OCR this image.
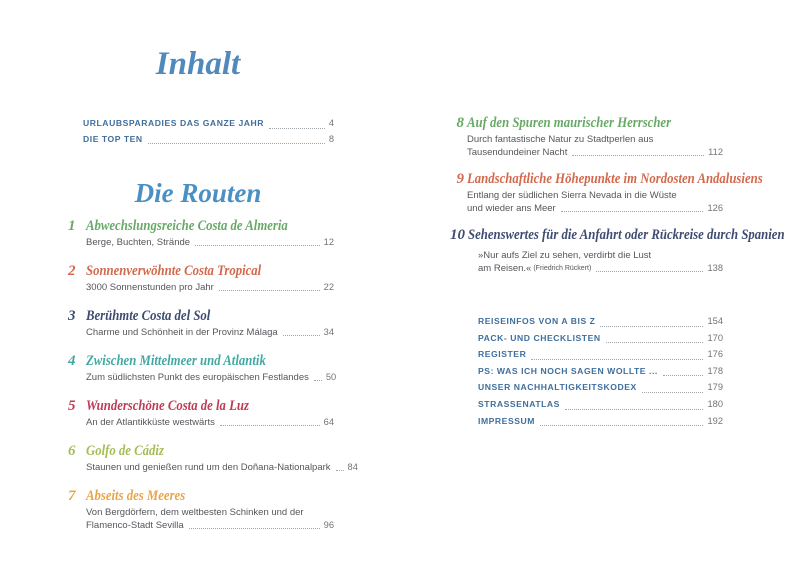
Inhalt
URLAUBSPARADIES DAS GANZE JAHR	4
DIE TOP TEN	8
Die Routen
1 Abwechslungsreiche Costa de Almeria
Berge, Buchten, Strände	12
2 Sonnenverwöhnte Costa Tropical
3000 Sonnenstunden pro Jahr	22
3 Berühmte Costa del Sol
Charme und Schönheit in der Provinz Málaga	34
4 Zwischen Mittelmeer und Atlantik
Zum südlichsten Punkt des europäischen Festlandes 50
5 Wunderschöne Costa de la Luz
An der Atlantikküste westwärts	64
6 Golfo de Cádiz
Staunen und genießen rund um den Doñana-Nationalpark 84
7 Abseits des Meeres
Von Bergdörfern, dem weltbesten Schinken und der
Flamenco-Stadt Sevilla	96
8 Auf den Spuren maurischer Herrscher
Durch fantastische Natur zu Stadtperlen aus
Tausendundeiner Nacht	112
9 Landschaftliche Höhepunkte im Nordosten Andalusiens
Entlang der südlichen Sierra Nevada in die Wüste
und wieder ans Meer	126
10 Sehenswertes für die Anfahrt oder Rückreise durch Spanien
»Nur aufs Ziel zu sehen, verdirbt die Lust
am Reisen.« (Friedrich Rückert)	138
REISEINFOS VON A BIS Z	154
PACK- UND CHECKLISTEN	170
REGISTER	176
PS: WAS ICH NOCH SAGEN WOLLTE ...	178
UNSER NACHHALTIGKEITSKODEX	179
STRASSENATLAS	180
IMPRESSUM	192
